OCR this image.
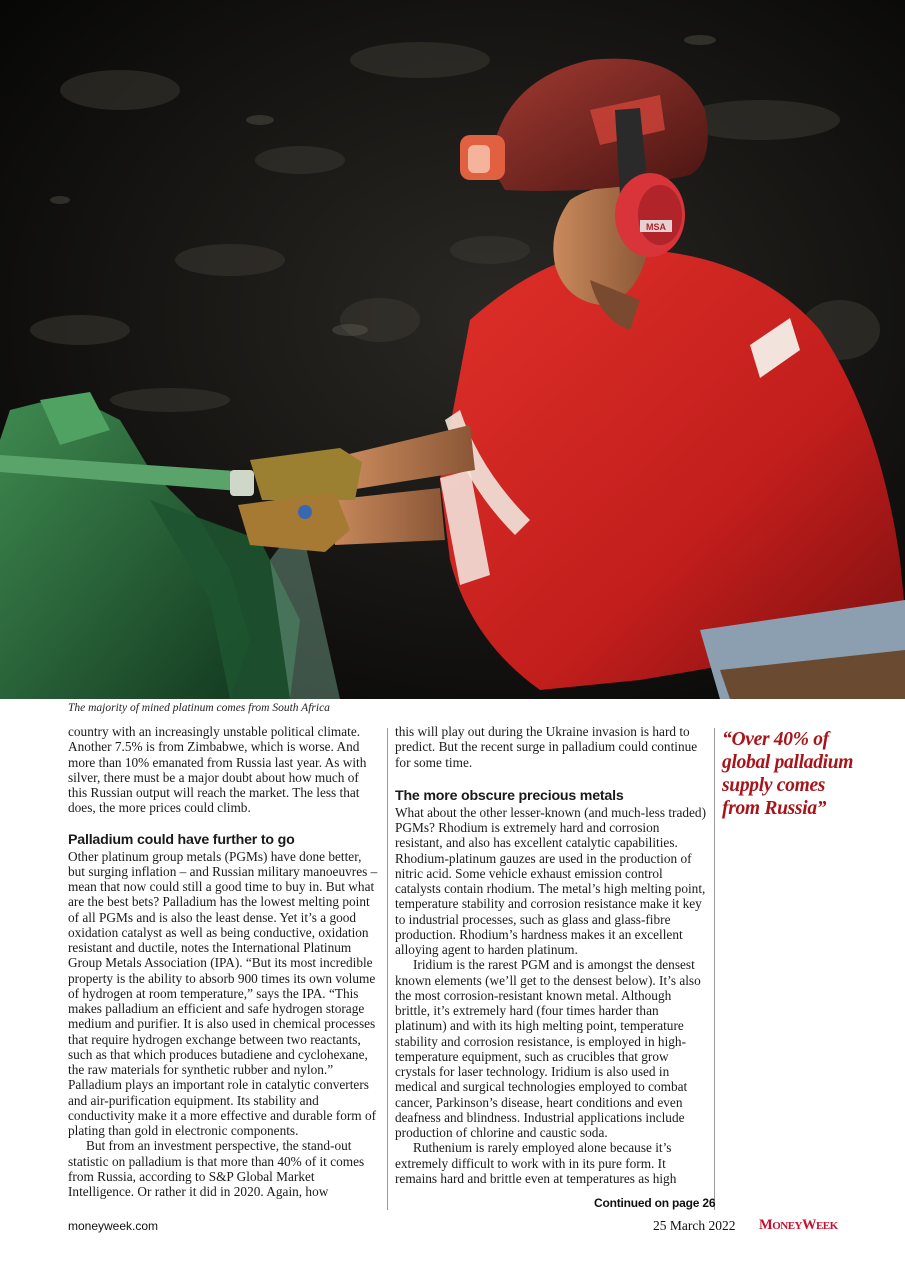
MSA
The majority of mined platinum comes from South Africa

country with an increasingly unstable political climate. Another 7.5% is from Zimbabwe, which is worse. And more than 10% emanated from Russia last year. As with silver, there must be a major doubt about how much of this Russian output will reach the market. The less that does, the more prices could climb.

Palladium could have further to go

Other platinum group metals (PGMs) have done better, but surging inflation – and Russian military manoeuvres – mean that now could still a good time to buy in. But what are the best bets? Palladium has the lowest melting point of all PGMs and is also the least dense. Yet it’s a good oxidation catalyst as well as being conductive, oxidation resistant and ductile, notes the International Platinum Group Metals Association (IPA). “But its most incredible property is the ability to absorb 900 times its own volume of hydrogen at room temperature,” says the IPA. “This makes palladium an efficient and safe hydrogen storage medium and purifier. It is also used in chemical processes that require hydrogen exchange between two reactants, such as that which produces butadiene and cyclohexane, the raw materials for synthetic rubber and nylon.” Palladium plays an important role in catalytic converters and air-purification equipment. Its stability and conductivity make it a more effective and durable form of plating than gold in electronic components.

But from an investment perspective, the stand-out statistic on palladium is that more than 40% of it comes from Russia, according to S&P Global Market Intelligence. Or rather it did in 2020. Again, how

this will play out during the Ukraine invasion is hard to predict. But the recent surge in palladium could continue for some time.

The more obscure precious metals

What about the other lesser-known (and much-less traded) PGMs? Rhodium is extremely hard and corrosion resistant, and also has excellent catalytic capabilities. Rhodium-platinum gauzes are used in the production of nitric acid. Some vehicle exhaust emission control catalysts contain rhodium. The metal’s high melting point, temperature stability and corrosion resistance make it key to industrial processes, such as glass and glass-fibre production. Rhodium’s hardness makes it an excellent alloying agent to harden platinum.

Iridium is the rarest PGM and is amongst the densest known elements (we’ll get to the densest below). It’s also the most corrosion-resistant known metal. Although brittle, it’s extremely hard (four times harder than platinum) and with its high melting point, temperature stability and corrosion resistance, is employed in high-temperature equipment, such as crucibles that grow crystals for laser technology. Iridium is also used in medical and surgical technologies employed to combat cancer, Parkinson’s disease, heart conditions and even deafness and blindness. Industrial applications include production of chlorine and caustic soda.

Ruthenium is rarely employed alone because it’s extremely difficult to work with in its pure form. It remains hard and brittle even at temperatures as high

“Over 40% of global palladium supply comes from Russia”
Continued on page 26
moneyweek.com	25 March 2022 MONEYWEEK
